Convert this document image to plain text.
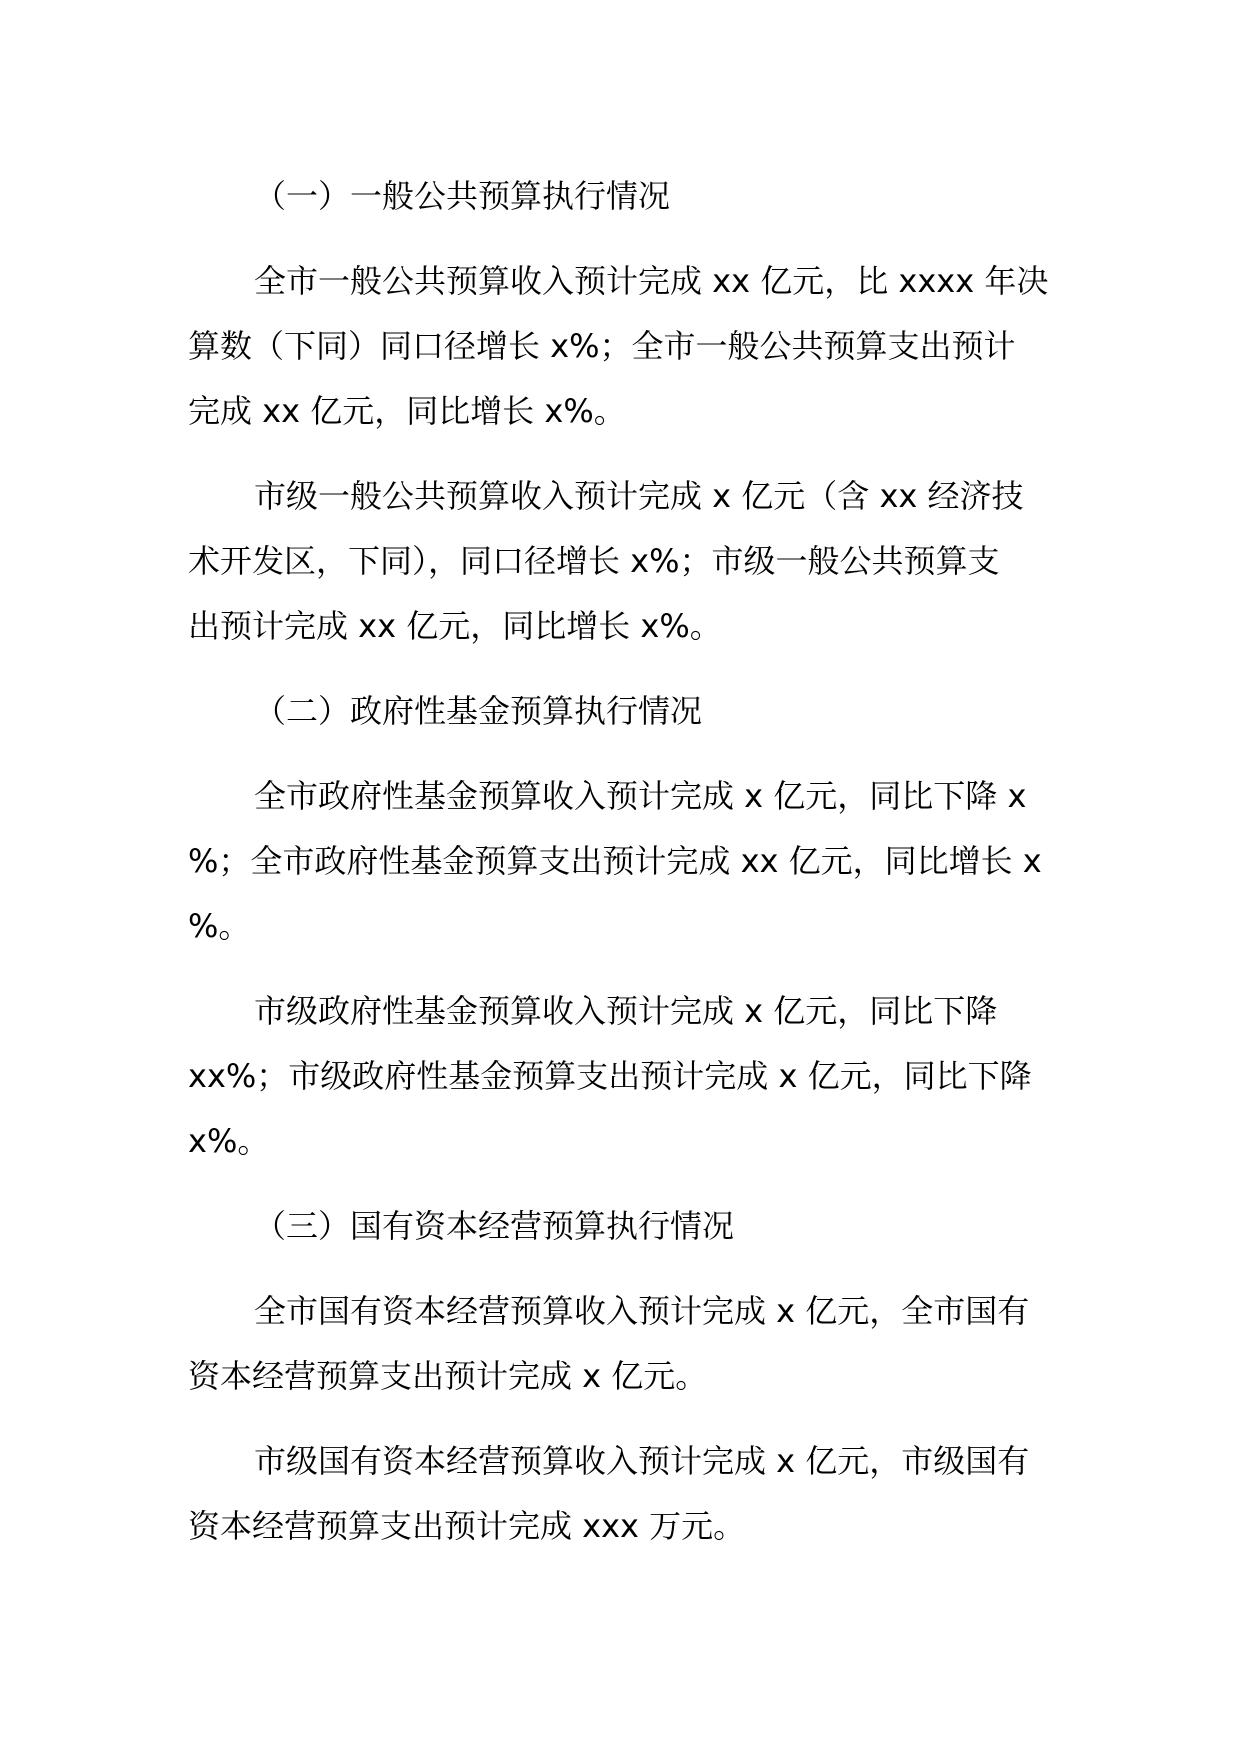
（一）一般公共预算执行情况
全市一般公共预算收入预计完成 xx 亿元，比 xxxx 年决
算数（下同）同口径增长 x%；全市一般公共预算支出预计
完成 xx 亿元，同比增长 x%。
市级一般公共预算收入预计完成 x 亿元（含 xx 经济技
术开发区，下同），同口径增长 x%；市级一般公共预算支
出预计完成 xx 亿元，同比增长 x%。
（二）政府性基金预算执行情况
全市政府性基金预算收入预计完成 x 亿元，同比下降 x
%；全市政府性基金预算支出预计完成 xx 亿元，同比增长 x
%。
市级政府性基金预算收入预计完成 x 亿元，同比下降
xx%；市级政府性基金预算支出预计完成 x 亿元，同比下降
x%。
（三）国有资本经营预算执行情况
全市国有资本经营预算收入预计完成 x 亿元，全市国有
资本经营预算支出预计完成 x 亿元。
市级国有资本经营预算收入预计完成 x 亿元，市级国有
资本经营预算支出预计完成 xxx 万元。
